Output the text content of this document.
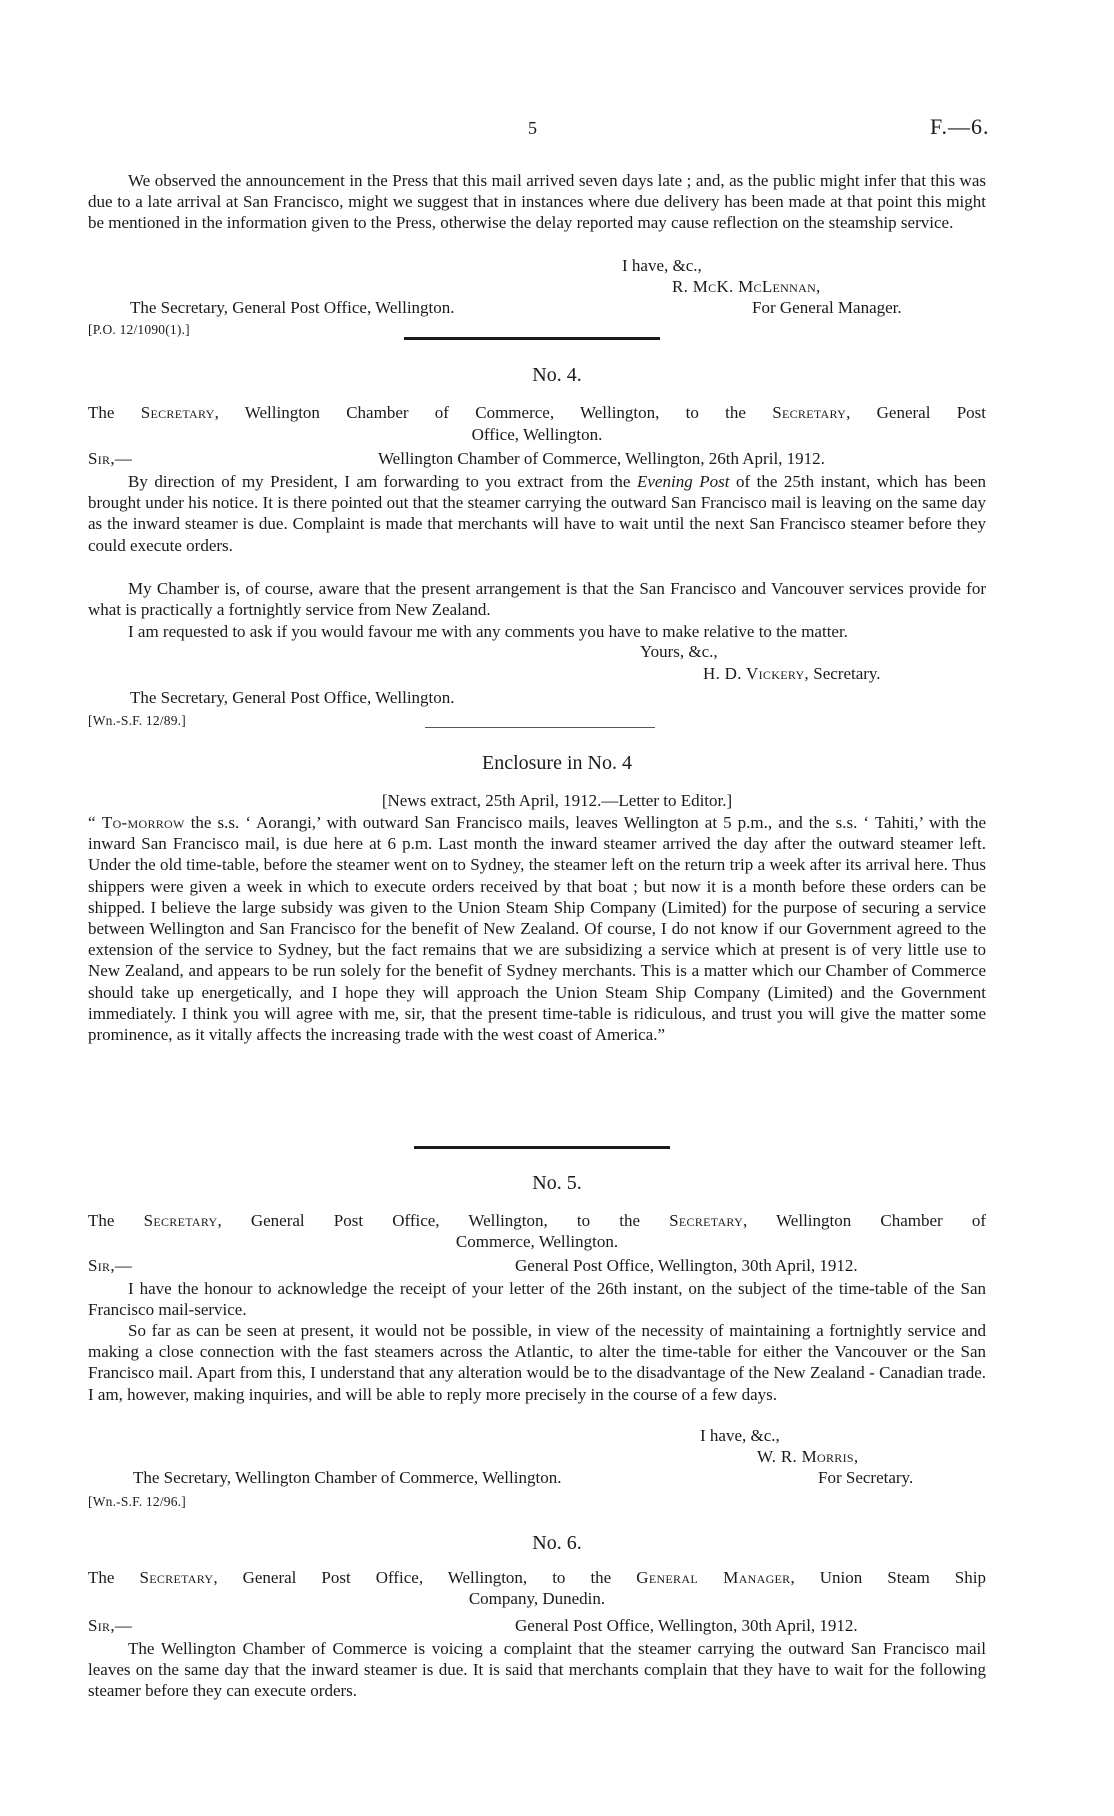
5	F.—6.
We observed the announcement in the Press that this mail arrived seven days late ; and, as the public might infer that this was due to a late arrival at San Francisco, might we suggest that in instances where due delivery has been made at that point this might be mentioned in the information given to the Press, otherwise the delay reported may cause reflection on the steamship service.
I have, &c.,
R. McK. McLennan,
The Secretary, General Post Office, Wellington.	For General Manager.
[P.O. 12/1090(1).]
No. 4.
The Secretary, Wellington Chamber of Commerce, Wellington, to the Secretary, General Post
Office, Wellington.
Sir,—	Wellington Chamber of Commerce, Wellington, 26th April, 1912.
By direction of my President, I am forwarding to you extract from the Evening Post of the 25th instant, which has been brought under his notice. It is there pointed out that the steamer carrying the outward San Francisco mail is leaving on the same day as the inward steamer is due. Complaint is made that merchants will have to wait until the next San Francisco steamer before they could execute orders.
My Chamber is, of course, aware that the present arrangement is that the San Francisco and Vancouver services provide for what is practically a fortnightly service from New Zealand.
I am requested to ask if you would favour me with any comments you have to make relative to the matter.
Yours, &c.,
H. D. Vickery, Secretary.
The Secretary, General Post Office, Wellington.
[Wn.-S.F. 12/89.]
Enclosure in No. 4
[News extract, 25th April, 1912.—Letter to Editor.]
“ To-morrow the s.s. ‘ Aorangi,’ with outward San Francisco mails, leaves Wellington at 5 p.m., and the s.s. ‘ Tahiti,’ with the inward San Francisco mail, is due here at 6 p.m. Last month the inward steamer arrived the day after the outward steamer left. Under the old time-table, before the steamer went on to Sydney, the steamer left on the return trip a week after its arrival here. Thus shippers were given a week in which to execute orders received by that boat ; but now it is a month before these orders can be shipped. I believe the large subsidy was given to the Union Steam Ship Company (Limited) for the purpose of securing a service between Wellington and San Francisco for the benefit of New Zealand. Of course, I do not know if our Government agreed to the extension of the service to Sydney, but the fact remains that we are subsidizing a service which at present is of very little use to New Zealand, and appears to be run solely for the benefit of Sydney merchants. This is a matter which our Chamber of Commerce should take up energetically, and I hope they will approach the Union Steam Ship Company (Limited) and the Government immediately. I think you will agree with me, sir, that the present time-table is ridiculous, and trust you will give the matter some prominence, as it vitally affects the increasing trade with the west coast of America.”
No. 5.
The Secretary, General Post Office, Wellington, to the Secretary, Wellington Chamber of
Commerce, Wellington.
Sir,—	General Post Office, Wellington, 30th April, 1912.
I have the honour to acknowledge the receipt of your letter of the 26th instant, on the subject of the time-table of the San Francisco mail-service.
So far as can be seen at present, it would not be possible, in view of the necessity of maintaining a fortnightly service and making a close connection with the fast steamers across the Atlantic, to alter the time-table for either the Vancouver or the San Francisco mail. Apart from this, I understand that any alteration would be to the disadvantage of the New Zealand - Canadian trade. I am, however, making inquiries, and will be able to reply more precisely in the course of a few days.
I have, &c.,
W. R. Morris,
The Secretary, Wellington Chamber of Commerce, Wellington.	For Secretary.
[Wn.-S.F. 12/96.]
No. 6.
The Secretary, General Post Office, Wellington, to the General Manager, Union Steam Ship
Company, Dunedin.
Sir,—	General Post Office, Wellington, 30th April, 1912.
The Wellington Chamber of Commerce is voicing a complaint that the steamer carrying the outward San Francisco mail leaves on the same day that the inward steamer is due. It is said that merchants complain that they have to wait for the following steamer before they can execute orders.
